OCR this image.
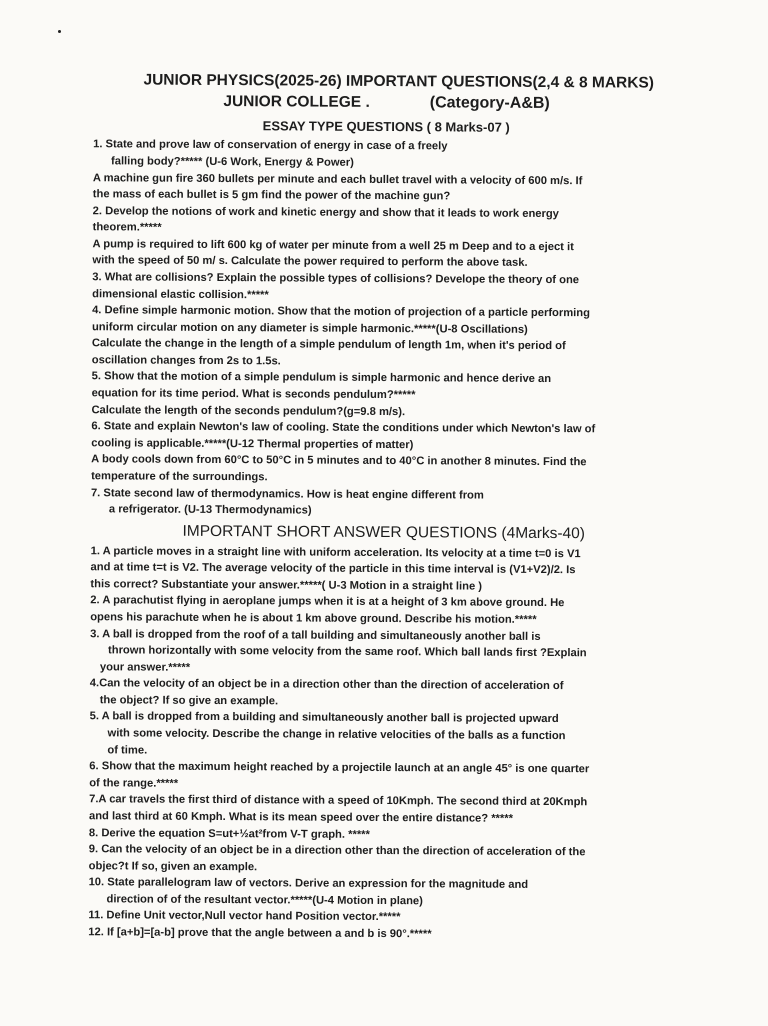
JUNIOR PHYSICS(2025-26) IMPORTANT QUESTIONS(2,4 & 8 MARKS)
JUNIOR COLLEGE .	(Category-A&B)
ESSAY TYPE QUESTIONS ( 8 Marks-07 )

1. State and prove law of conservation of energy in case of a freely

falling body?***** (U-6 Work, Energy & Power)

A machine gun fire 360 bullets per minute and each bullet travel with a velocity of 600 m/s. If

the mass of each bullet is 5 gm find the power of the machine gun?

2. Develop the notions of work and kinetic energy and show that it leads to work energy

theorem.*****

A pump is required to lift 600 kg of water per minute from a well 25 m Deep and to a eject it

with the speed of 50 m/ s. Calculate the power required to perform the above task.

3. What are collisions? Explain the possible types of collisions? Develope the theory of one

dimensional elastic collision.*****

4. Define simple harmonic motion. Show that the motion of projection of a particle performing

uniform circular motion on any diameter is simple harmonic.*****(U-8 Oscillations)

Calculate the change in the length of a simple pendulum of length 1m, when it's period of

oscillation changes from 2s to 1.5s.

5. Show that the motion of a simple pendulum is simple harmonic and hence derive an

equation for its time period. What is seconds pendulum?*****

Calculate the length of the seconds pendulum?(g=9.8 m/s).

6. State and explain Newton's law of cooling. State the conditions under which Newton's law of

cooling is applicable.*****(U-12 Thermal properties of matter)

A body cools down from 60°C to 50°C in 5 minutes and to 40°C in another 8 minutes. Find the

temperature of the surroundings.

7. State second law of thermodynamics. How is heat engine different from

a refrigerator. (U-13 Thermodynamics)

IMPORTANT SHORT ANSWER QUESTIONS (4Marks-40)

1. A particle moves in a straight line with uniform acceleration. Its velocity at a time t=0 is V1

and at time t=t is V2. The average velocity of the particle in this time interval is (V1+V2)/2. Is

this correct? Substantiate your answer.*****( U-3 Motion in a straight line )

2. A parachutist flying in aeroplane jumps when it is at a height of 3 km above ground. He

opens his parachute when he is about 1 km above ground. Describe his motion.*****

3. A ball is dropped from the roof of a tall building and simultaneously another ball is

thrown horizontally with some velocity from the same roof. Which ball lands first ?Explain

your answer.*****

4.Can the velocity of an object be in a direction other than the direction of acceleration of

the object? If so give an example.

5. A ball is dropped from a building and simultaneously another ball is projected upward

with some velocity. Describe the change in relative velocities of the balls as a function

of time.

6. Show that the maximum height reached by a projectile launch at an angle 45° is one quarter

of the range.*****

7.A car travels the first third of distance with a speed of 10Kmph. The second third at 20Kmph

and last third at 60 Kmph. What is its mean speed over the entire distance? *****

8. Derive the equation S=ut+½at²from V-T graph. *****

9. Can the velocity of an object be in a direction other than the direction of acceleration of the

objec?t If so, given an example.

10. State parallelogram law of vectors. Derive an expression for the magnitude and

direction of of the resultant vector.*****(U-4 Motion in plane)

11. Define Unit vector,Null vector hand Position vector.*****

12. If [a+b]=[a-b] prove that the angle between a and b is 90°.*****
